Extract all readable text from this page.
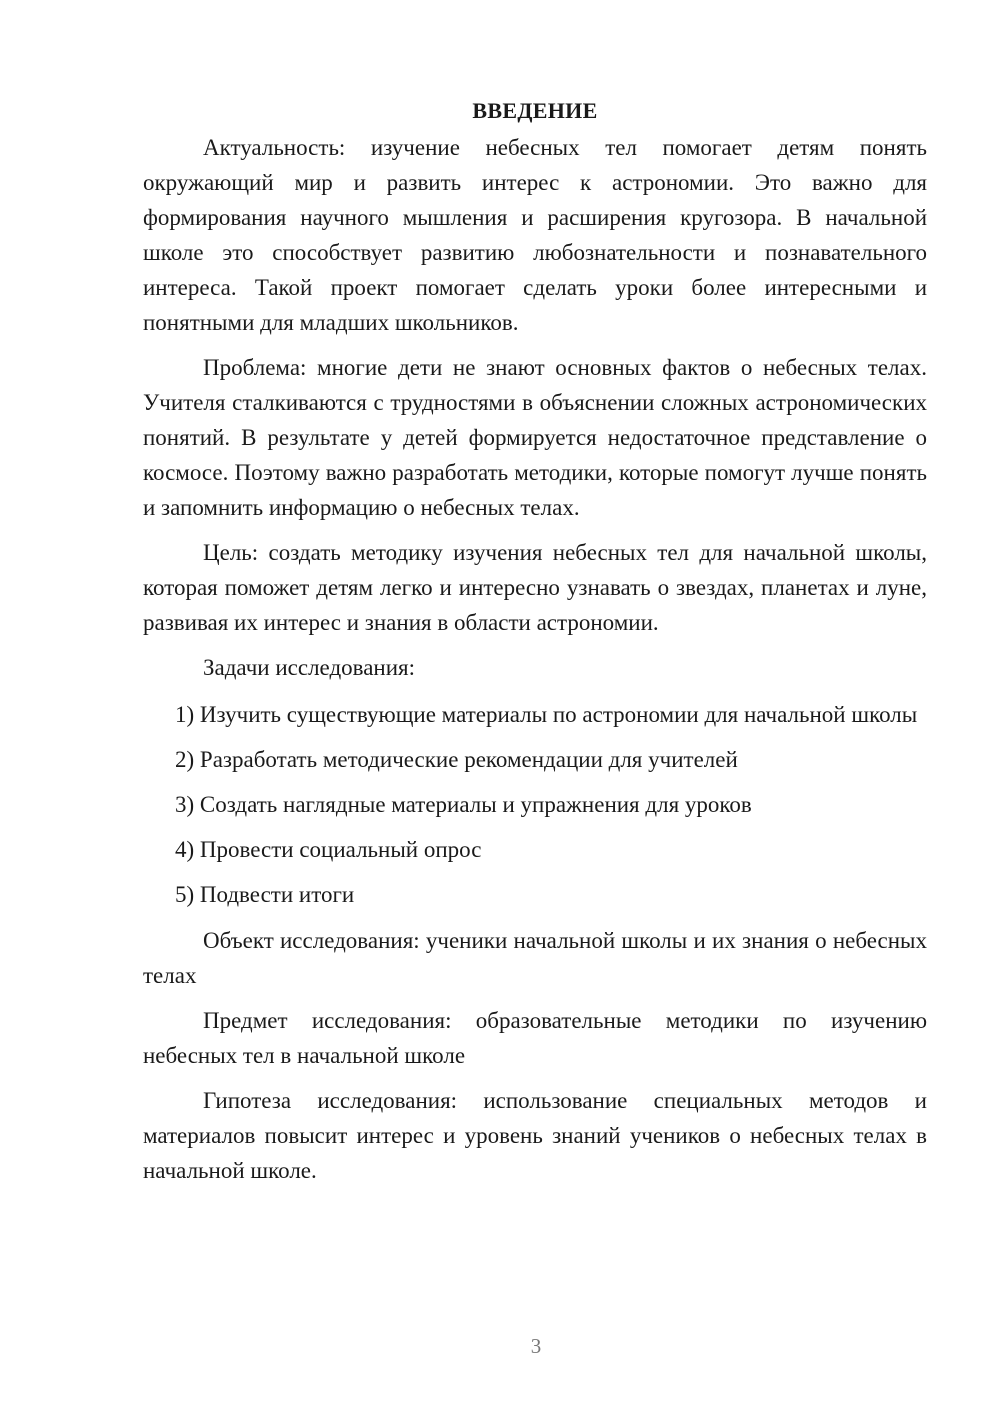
ВВЕДЕНИЕ

Актуальность: изучение небесных тел помогает детям понять окружающий мир и развить интерес к астрономии. Это важно для формирования научного мышления и расширения кругозора. В начальной школе это способствует развитию любознательности и познавательного интереса. Такой проект помогает сделать уроки более интересными и понятными для младших школьников.

Проблема: многие дети не знают основных фактов о небесных телах. Учителя сталкиваются с трудностями в объяснении сложных астрономических понятий. В результате у детей формируется недостаточное представление о космосе. Поэтому важно разработать методики, которые помогут лучше понять и запомнить информацию о небесных телах.

Цель: создать методику изучения небесных тел для начальной школы, которая поможет детям легко и интересно узнавать о звездах, планетах и луне, развивая их интерес и знания в области астрономии.

Задачи исследования:

1) Изучить существующие материалы по астрономии для начальной школы

2) Разработать методические рекомендации для учителей

3) Создать наглядные материалы и упражнения для уроков

4) Провести социальный опрос

5) Подвести итоги

Объект исследования: ученики начальной школы и их знания о небесных телах

Предмет исследования: образовательные методики по изучению небесных тел в начальной школе

Гипотеза исследования: использование специальных методов и материалов повысит интерес и уровень знаний учеников о небесных телах в начальной школе.

3
